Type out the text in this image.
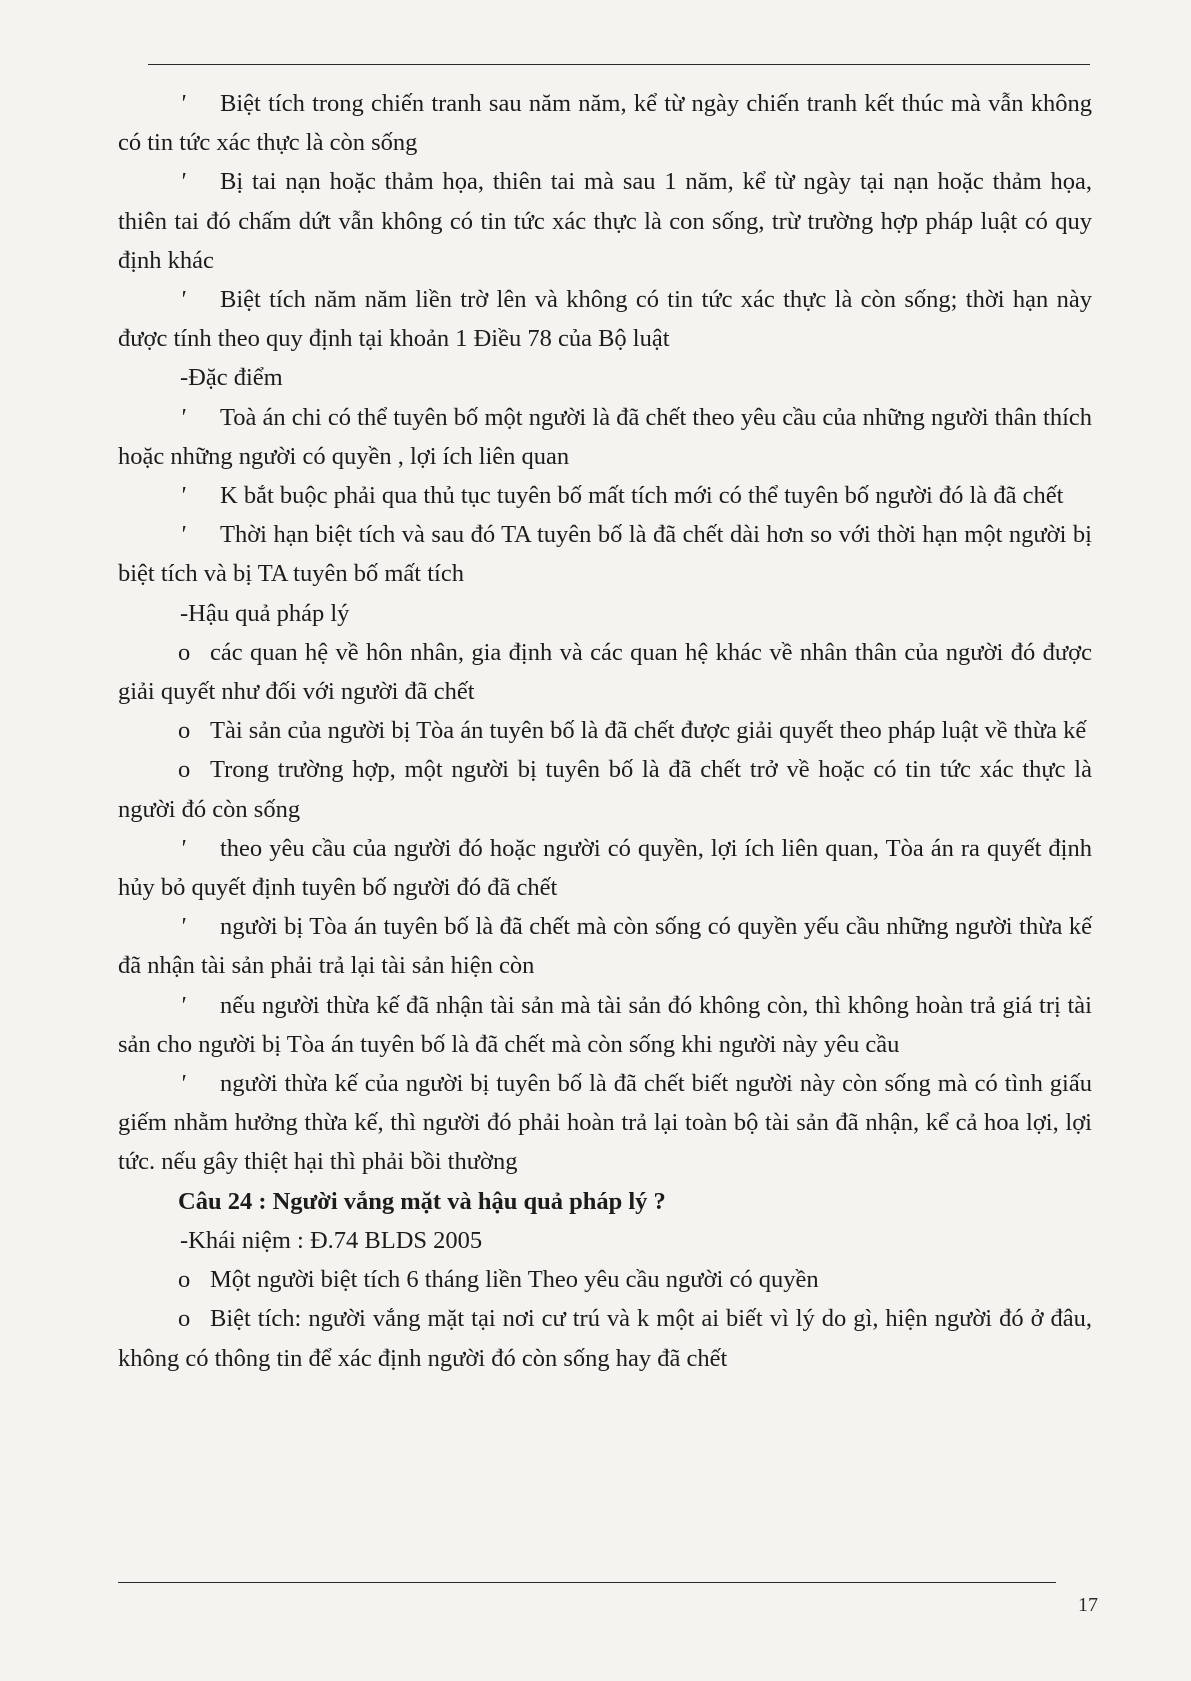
' Biệt tích trong chiến tranh sau năm năm, kể từ ngày chiến tranh kết thúc mà vẫn không có tin tức xác thực là còn sống

' Bị tai nạn hoặc thảm họa, thiên tai mà sau 1 năm, kể từ ngày tại nạn hoặc thảm họa, thiên tai đó chấm dứt vẫn không có tin tức xác thực là con sống, trừ trường hợp pháp luật có quy định khác

' Biệt tích năm năm liền trờ lên và không có tin tức xác thực là còn sống; thời hạn này được tính theo quy định tại khoản 1 Điều 78 của Bộ luật

-Đặc điểm

' Toà án chi có thể tuyên bố một người là đã chết theo yêu cầu của những người thân thích hoặc những người có quyền , lợi ích liên quan

' K bắt buộc phải qua thủ tục tuyên bố mất tích mới có thể tuyên bố người đó là đã chết

' Thời hạn biệt tích và sau đó TA tuyên bố là đã chết dài hơn so với thời hạn một người bị biệt tích và bị TA tuyên bố mất tích

-Hậu quả pháp lý

o các quan hệ về hôn nhân, gia định và các quan hệ khác về nhân thân của người đó được giải quyết như đối với người đã chết

o Tài sản của người bị Tòa án tuyên bố là đã chết được giải quyết theo pháp luật về thừa kế

o Trong trường hợp, một người bị tuyên bố là đã chết trở về hoặc có tin tức xác thực là người đó còn sống

' theo yêu cầu của người đó hoặc người có quyền, lợi ích liên quan, Tòa án ra quyết định hủy bỏ quyết định tuyên bố người đó đã chết

' người bị Tòa án tuyên bố là đã chết mà còn sống có quyền yếu cầu những người thừa kế đã nhận tài sản phải trả lại tài sản hiện còn

' nếu người thừa kế đã nhận tài sản mà tài sản đó không còn, thì không hoàn trả giá trị tài sản cho người bị Tòa án tuyên bố là đã chết mà còn sống khi người này yêu cầu

' người thừa kế của người bị tuyên bố là đã chết biết người này còn sống mà có tình giấu giếm nhằm hưởng thừa kế, thì người đó phải hoàn trả lại toàn bộ tài sản đã nhận, kể cả hoa lợi, lợi tức. nếu gây thiệt hại thì phải bồi thường

Câu 24 : Người vắng mặt và hậu quả pháp lý ?

-Khái niệm : Đ.74 BLDS 2005

o Một người biệt tích 6 tháng liền Theo yêu cầu người có quyền

o Biệt tích: người vắng mặt tại nơi cư trú và k một ai biết vì lý do gì, hiện người đó ở đâu, không có thông tin để xác định người đó còn sống hay đã chết

17
